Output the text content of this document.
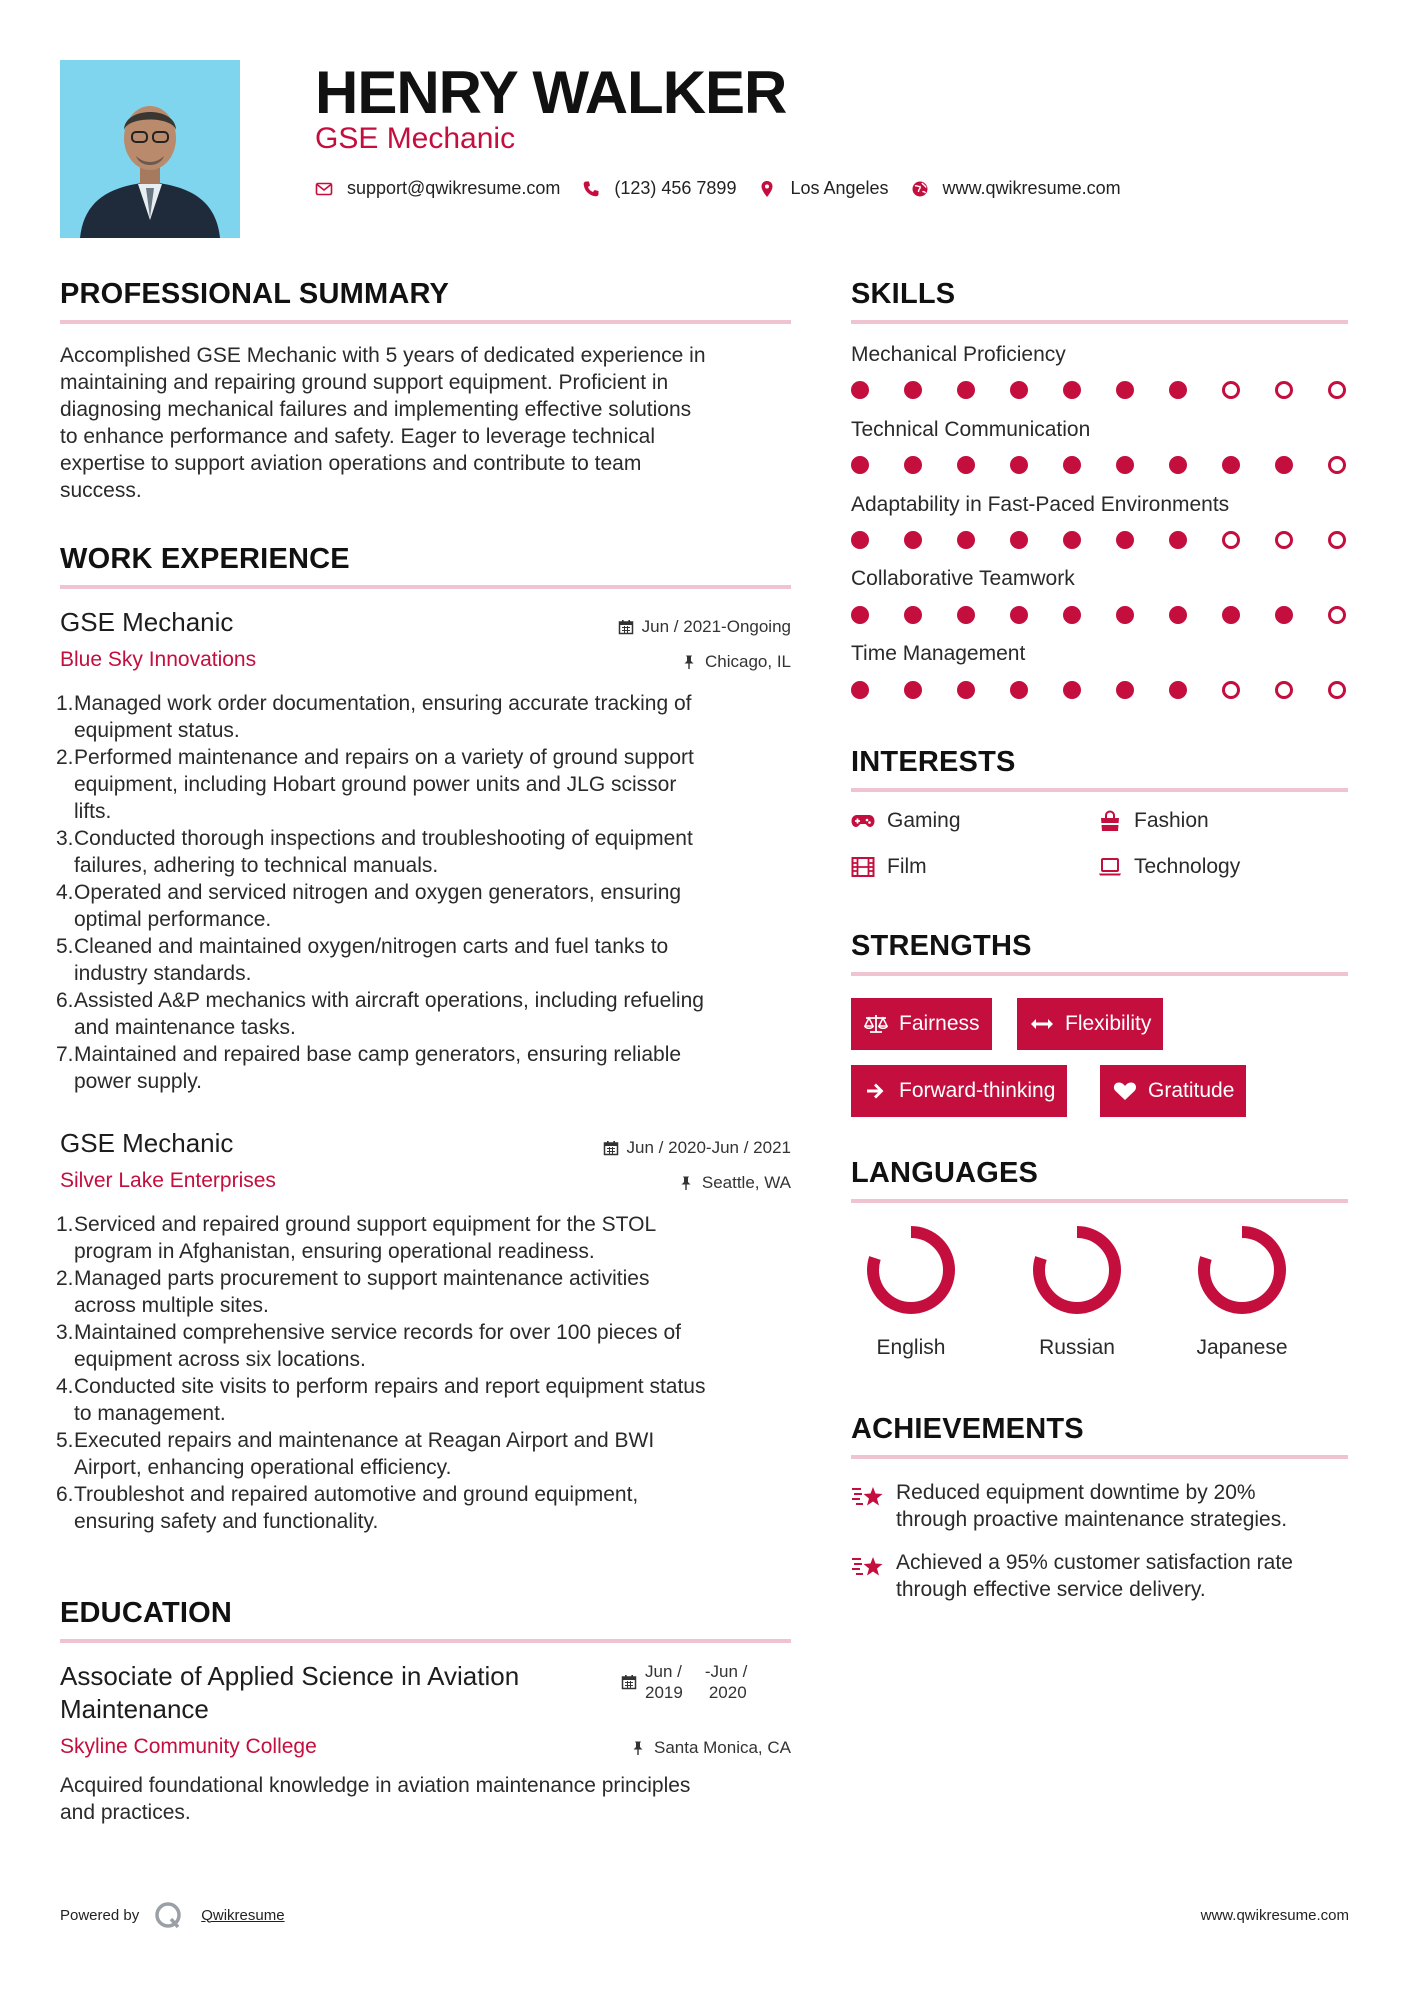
HENRY WALKER
GSE Mechanic
support@qwikresume.com	(123) 456 7899	Los Angeles	www.qwikresume.com
PROFESSIONAL SUMMARY
Accomplished GSE Mechanic with 5 years of dedicated experience in
maintaining and repairing ground support equipment. Proficient in
diagnosing mechanical failures and implementing effective solutions
to enhance performance and safety. Eager to leverage technical
expertise to support aviation operations and contribute to team
success.
WORK EXPERIENCE
GSE Mechanic	Jun / 2021-Ongoing
Blue Sky Innovations	Chicago, IL
1. Managed work order documentation, ensuring accurate tracking of
equipment status.
2. Performed maintenance and repairs on a variety of ground support
equipment, including Hobart ground power units and JLG scissor
lifts.
3. Conducted thorough inspections and troubleshooting of equipment
failures, adhering to technical manuals.
4. Operated and serviced nitrogen and oxygen generators, ensuring
optimal performance.
5. Cleaned and maintained oxygen/nitrogen carts and fuel tanks to
industry standards.
6. Assisted A&P mechanics with aircraft operations, including refueling
and maintenance tasks.
7. Maintained and repaired base camp generators, ensuring reliable
power supply.
GSE Mechanic	Jun / 2020-Jun / 2021
Silver Lake Enterprises	Seattle, WA
1. Serviced and repaired ground support equipment for the STOL
program in Afghanistan, ensuring operational readiness.
2. Managed parts procurement to support maintenance activities
across multiple sites.
3. Maintained comprehensive service records for over 100 pieces of
equipment across six locations.
4. Conducted site visits to perform repairs and report equipment status
to management.
5. Executed repairs and maintenance at Reagan Airport and BWI
Airport, enhancing operational efficiency.
6. Troubleshot and repaired automotive and ground equipment,
ensuring safety and functionality.
EDUCATION
Associate of Applied Science in Aviation
Maintenance
Jun /
2019
-Jun /
2020
Skyline Community College	Santa Monica, CA
Acquired foundational knowledge in aviation maintenance principles
and practices.
SKILLS
Mechanical Proficiency
Technical Communication
Adaptability in Fast-Paced Environments
Collaborative Teamwork
Time Management
INTERESTS
Gaming	Fashion
Film	Technology
STRENGTHS
Fairness	Flexibility
Forward-thinking	Gratitude
LANGUAGES
English	Russian	Japanese
ACHIEVEMENTS
Reduced equipment downtime by 20%
through proactive maintenance strategies.
Achieved a 95% customer satisfaction rate
through effective service delivery.
Powered by	Qwikresume	www.qwikresume.com
